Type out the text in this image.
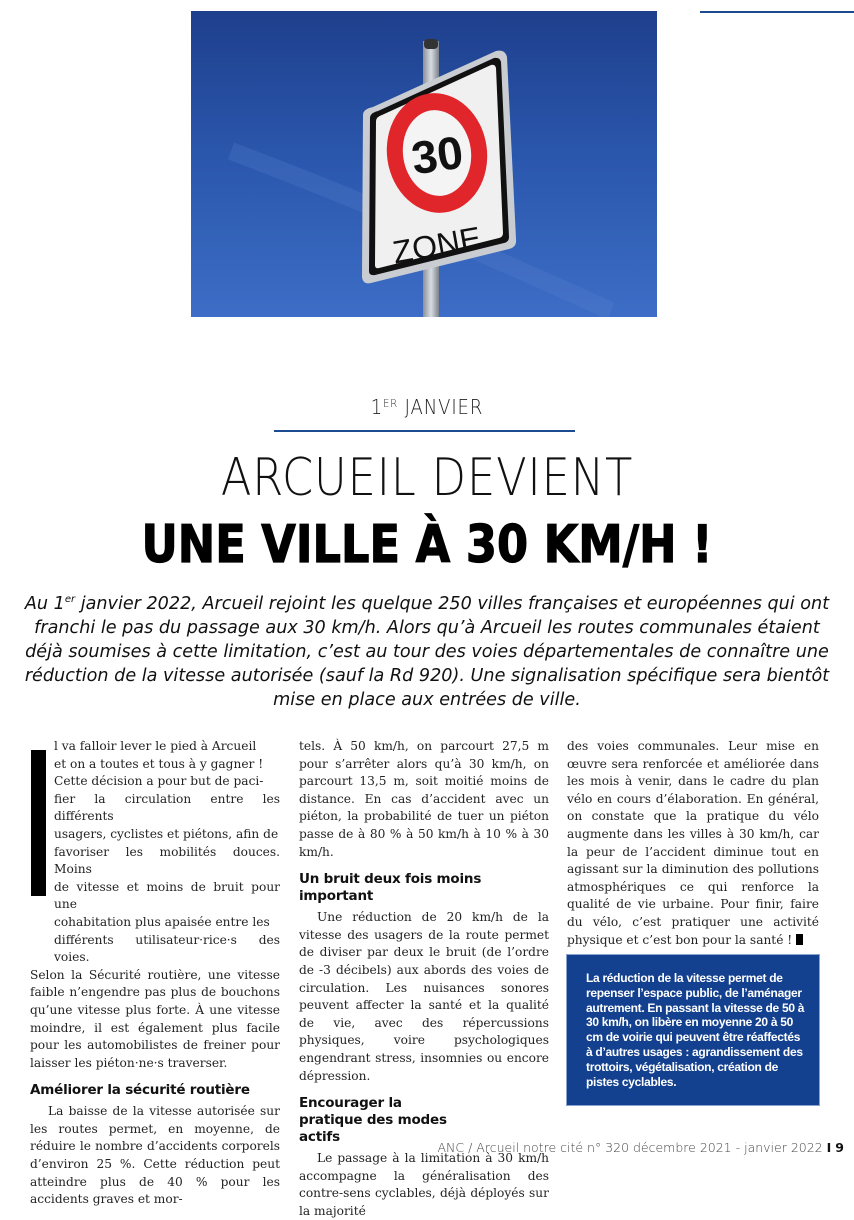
30
ZONE
1ER JANVIER
ARCUEIL DEVIENT
UNE VILLE À 30 KM/H !
Au 1er janvier 2022, Arcueil rejoint les quelque 250 villes françaises et européennes qui ont franchi le pas du passage aux 30 km/h. Alors qu’à Arcueil les routes communales étaient déjà soumises à cette limitation, c’est au tour des voies départementales de connaître une réduction de la vitesse autorisée (sauf la Rd 920). Une signalisation spécifique sera bientôt mise en place aux entrées de ville.
l va falloir lever le pied à Arcueil
et on a toutes et tous à y gagner !
Cette décision a pour but de paci-
fier la circulation entre les différents
usagers, cyclistes et piétons, afin de
favoriser les mobilités douces. Moins
de vitesse et moins de bruit pour une
cohabitation plus apaisée entre les
différents utilisateur·rice·s des voies.

Selon la Sécurité routière, une vitesse faible n’engendre pas plus de bouchons qu’une vitesse plus forte. À une vitesse moindre, il est également plus facile pour les automobilistes de freiner pour laisser les piéton·ne·s traverser.

Améliorer la sécurité routière

La baisse de la vitesse autorisée sur les routes permet, en moyenne, de réduire le nombre d’accidents corporels d’environ 25 %. Cette réduction peut atteindre plus de 40 % pour les accidents graves et mor-

tels. À 50 km/h, on parcourt 27,5 m pour s’arrêter alors qu’à 30 km/h, on parcourt 13,5 m, soit moitié moins de distance. En cas d’accident avec un piéton, la probabilité de tuer un piéton passe de à 80 % à 50 km/h à 10 % à 30 km/h.

Un bruit deux fois moins important

Une réduction de 20 km/h de la vitesse des usagers de la route permet de diviser par deux le bruit (de l’ordre de -3 décibels) aux abords des voies de circulation. Les nuisances sonores peuvent affecter la santé et la qualité de vie, avec des répercussions physiques, voire psychologiques engendrant stress, insomnies ou encore dépression.

Encourager la pratique des modes actifs

Le passage à la limitation à 30 km/h accompagne la généralisation des contre-sens cyclables, déjà déployés sur la majorité

des voies communales. Leur mise en œuvre sera renforcée et améliorée dans les mois à venir, dans le cadre du plan vélo en cours d’élaboration. En général, on constate que la pratique du vélo augmente dans les villes à 30 km/h, car la peur de l’accident diminue tout en agissant sur la diminution des pollutions atmosphériques ce qui renforce la qualité de vie urbaine. Pour finir, faire du vélo, c’est pratiquer une activité physique et c’est bon pour la santé !

La réduction de la vitesse permet de repenser l’espace public, de l’aménager autrement. En passant la vitesse de 50 à 30 km/h, on libère en moyenne 20 à 50 cm de voirie qui peuvent être réaffectés à d’autres usages : agrandissement des trottoirs, végétalisation, création de pistes cyclables.

ANC / Arcueil notre cité n° 320 décembre 2021 - janvier 2022 I 9
